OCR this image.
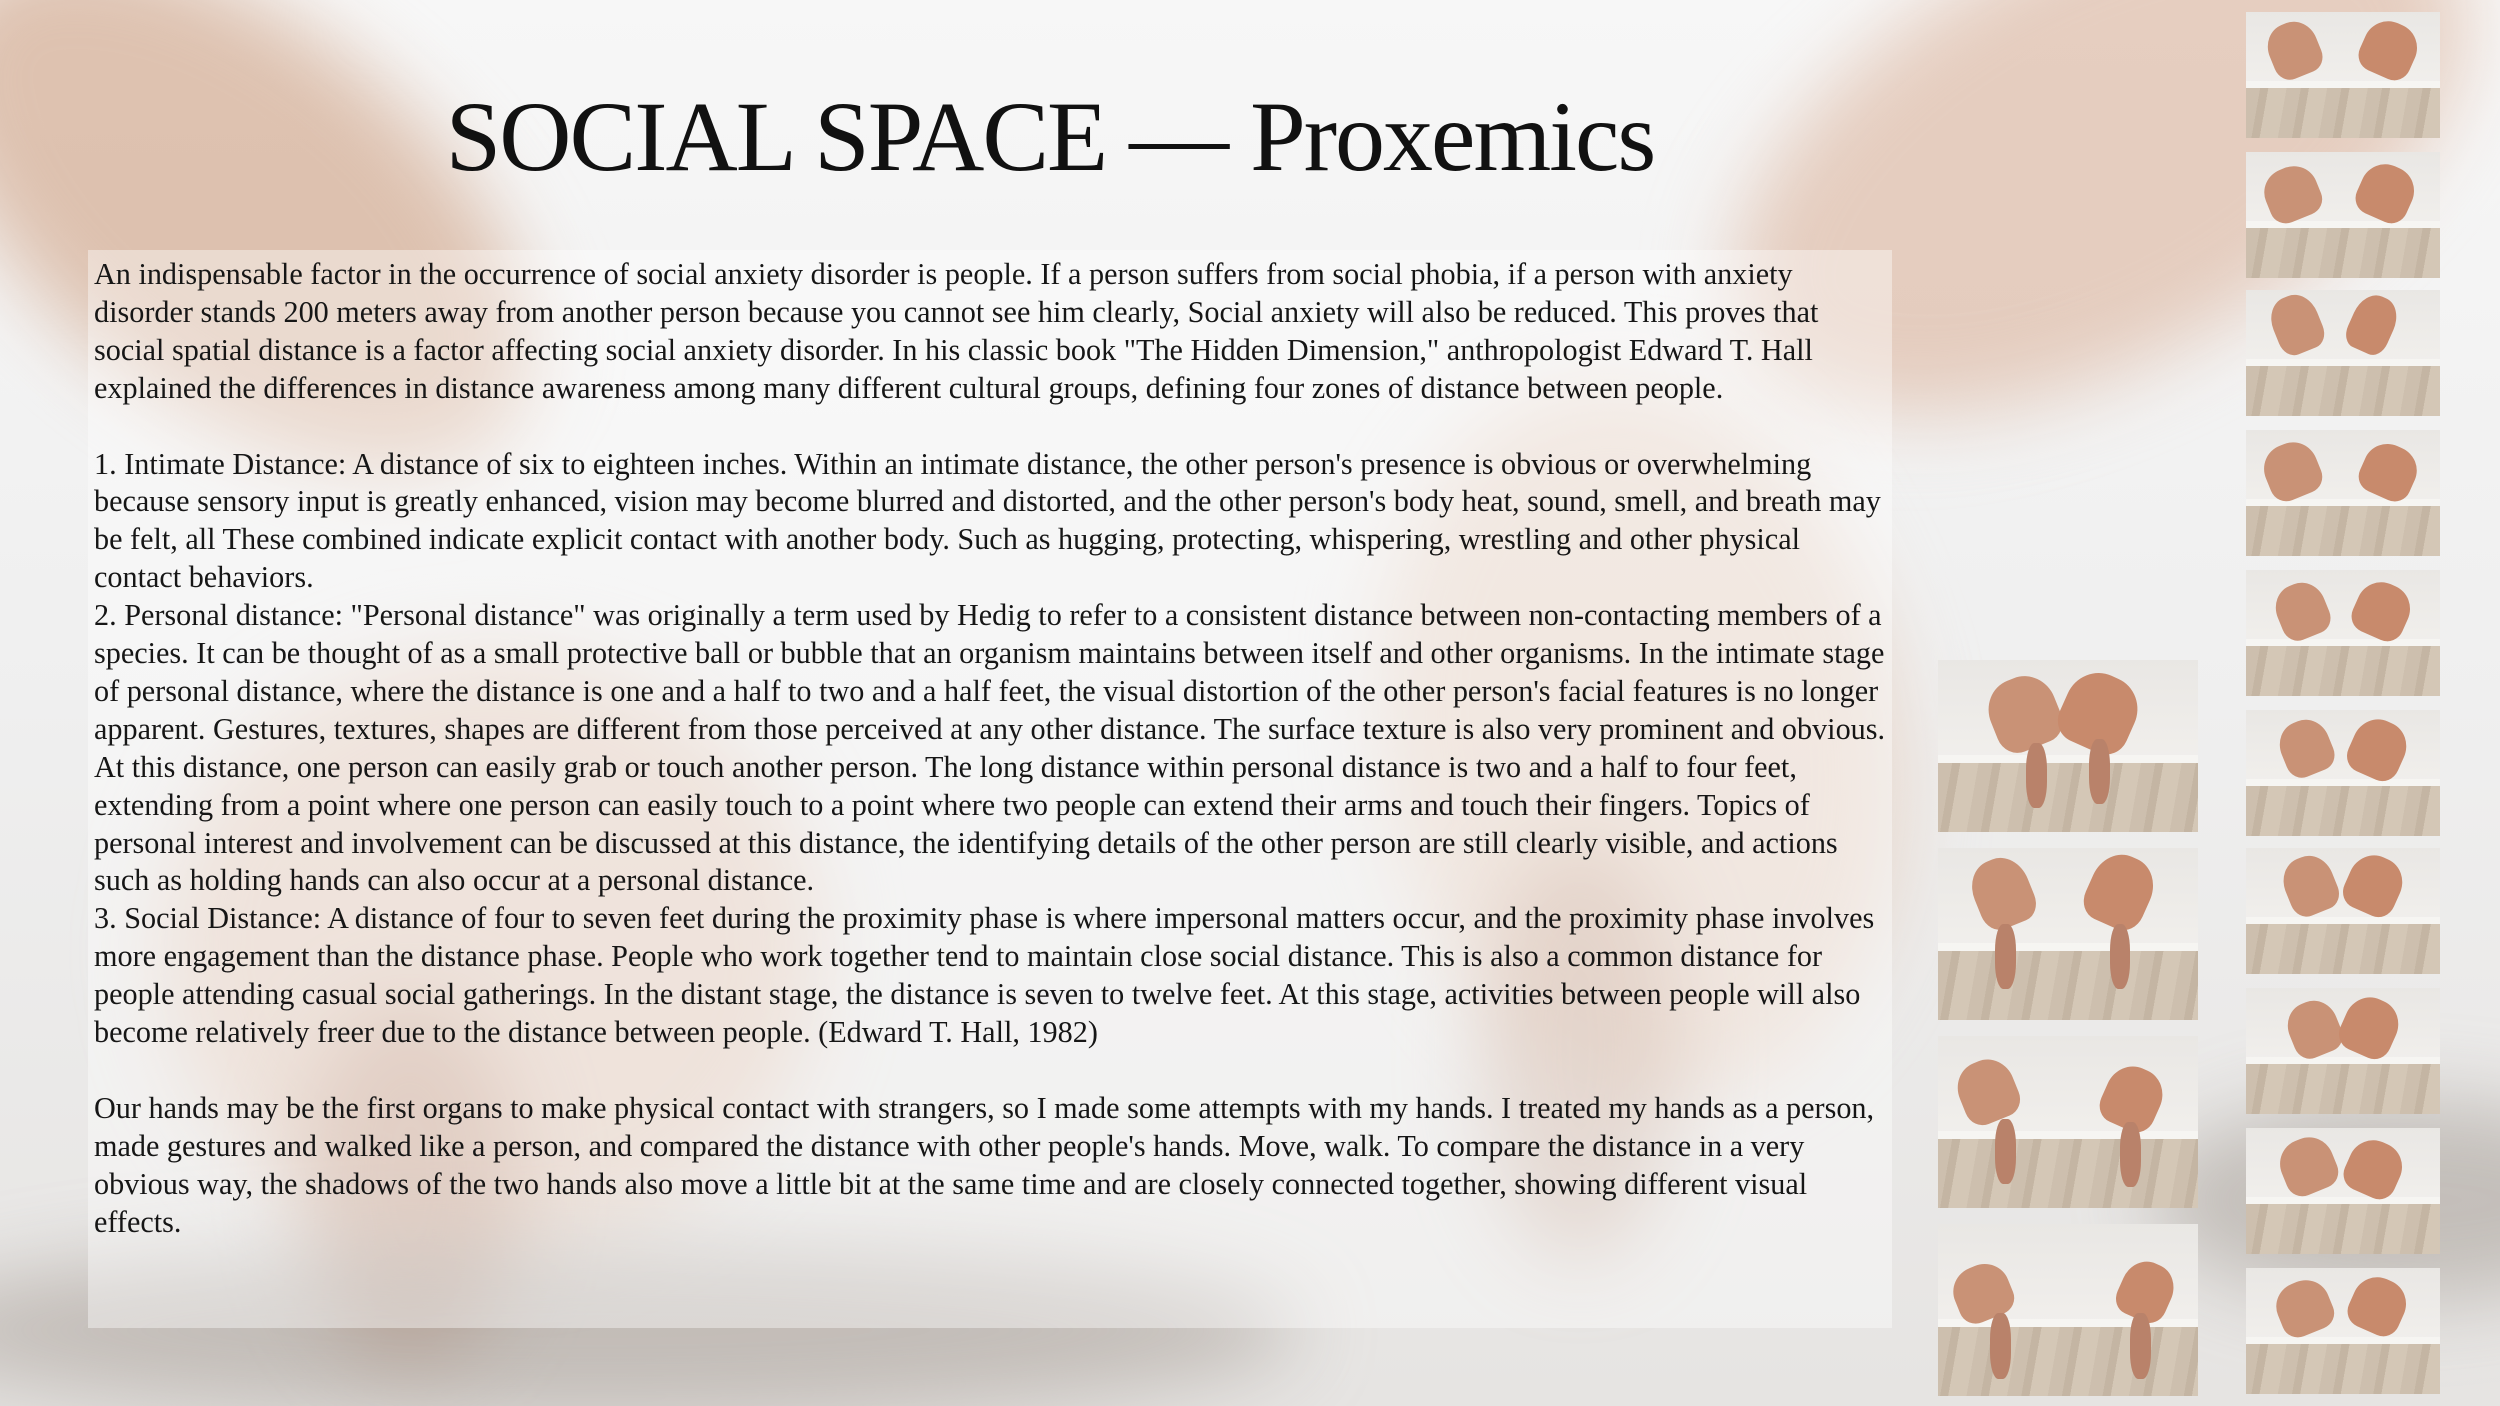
SOCIAL SPACE — Proxemics

An indispensable factor in the occurrence of social anxiety disorder is people. If a person suffers from social phobia, if a person with anxiety disorder stands 200 meters away from another person because you cannot see him clearly, Social anxiety will also be reduced. This proves that social spatial distance is a factor affecting social anxiety disorder. In his classic book "The Hidden Dimension," anthropologist Edward T. Hall explained the differences in distance awareness among many different cultural groups, defining four zones of distance between people.

1. Intimate Distance: A distance of six to eighteen inches. Within an intimate distance, the other person's presence is obvious or overwhelming because sensory input is greatly enhanced, vision may become blurred and distorted, and the other person's body heat, sound, smell, and breath may be felt, all These combined indicate explicit contact with another body. Such as hugging, protecting, whispering, wrestling and other physical contact behaviors.

2. Personal distance: "Personal distance" was originally a term used by Hedig to refer to a consistent distance between non-contacting members of a species. It can be thought of as a small protective ball or bubble that an organism maintains between itself and other organisms. In the intimate stage of personal distance, where the distance is one and a half to two and a half feet, the visual distortion of the other person's facial features is no longer apparent. Gestures, textures, shapes are different from those perceived at any other distance. The surface texture is also very prominent and obvious. At this distance, one person can easily grab or touch another person. The long distance within personal distance is two and a half to four feet, extending from a point where one person can easily touch to a point where two people can extend their arms and touch their fingers. Topics of personal interest and involvement can be discussed at this distance, the identifying details of the other person are still clearly visible, and actions such as holding hands can also occur at a personal distance.

3. Social Distance: A distance of four to seven feet during the proximity phase is where impersonal matters occur, and the proximity phase involves more engagement than the distance phase. People who work together tend to maintain close social distance. This is also a common distance for people attending casual social gatherings. In the distant stage, the distance is seven to twelve feet. At this stage, activities between people will also become relatively freer due to the distance between people. (Edward T. Hall, 1982)

Our hands may be the first organs to make physical contact with strangers, so I made some attempts with my hands. I treated my hands as a person, made gestures and walked like a person, and compared the distance with other people's hands. Move, walk. To compare the distance in a very obvious way, the shadows of the two hands also move a little bit at the same time and are closely connected together, showing different visual effects.
